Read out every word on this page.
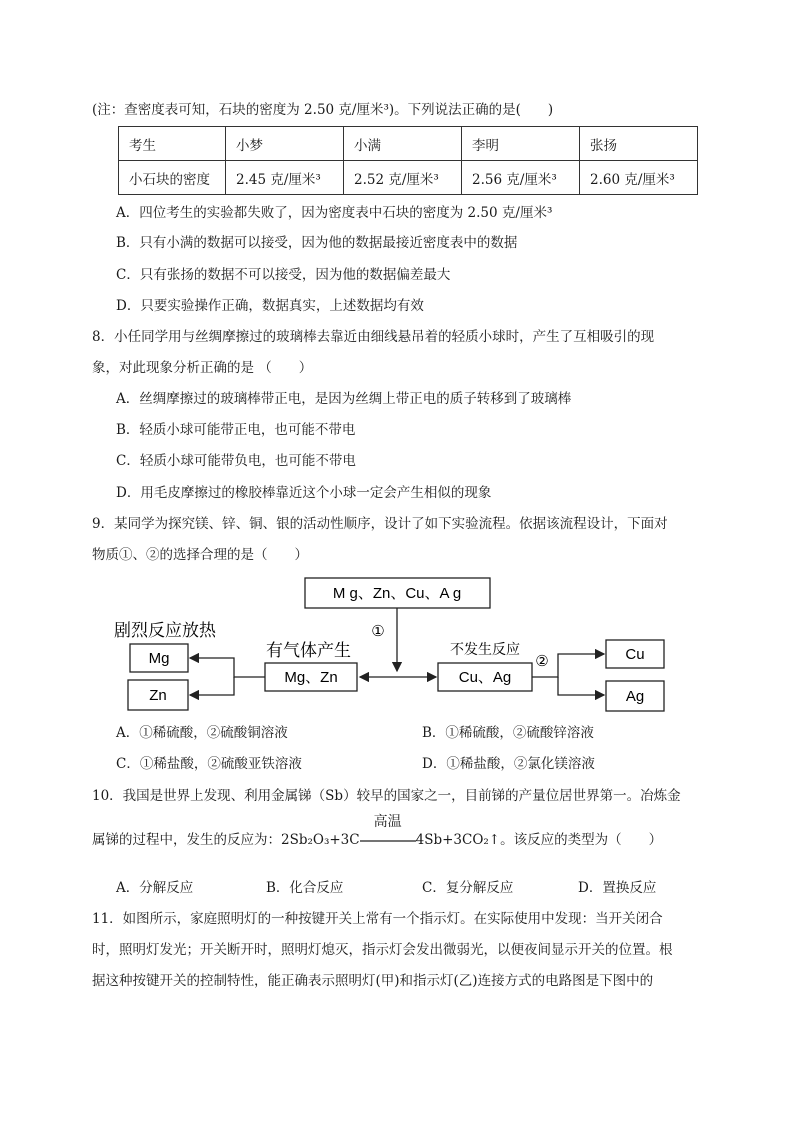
(注：查密度表可知，石块的密度为 2.50 克/厘米³)。下列说法正确的是(　　)
考生	小梦	小满	李明	张扬
小石块的密度	2.45 克/厘米³	2.52 克/厘米³	2.56 克/厘米³	2.60 克/厘米³
A．四位考生的实验都失败了，因为密度表中石块的密度为 2.50 克/厘米³
B．只有小满的数据可以接受，因为他的数据最接近密度表中的数据
C．只有张扬的数据不可以接受，因为他的数据偏差最大
D．只要实验操作正确，数据真实，上述数据均有效
8．小任同学用与丝绸摩擦过的玻璃棒去靠近由细线悬吊着的轻质小球时，产生了互相吸引的现
象，对此现象分析正确的是 （　　）
A．丝绸摩擦过的玻璃棒带正电，是因为丝绸上带正电的质子转移到了玻璃棒
B．轻质小球可能带正电，也可能不带电
C．轻质小球可能带负电，也可能不带电
D．用毛皮摩擦过的橡胶棒靠近这个小球一定会产生相似的现象
9．某同学为探究镁、锌、铜、银的活动性顺序，设计了如下实验流程。依据该流程设计，下面对
物质①、②的选择合理的是（　　）
M g、Zn、Cu、A g
①
剧烈反应放热
有气体产生	不发生反应
Mg
Zn
Mg、Zn	Cu、Ag
②	Cu
Ag
A．①稀硫酸，②硫酸铜溶液	B．①稀硫酸，②硫酸锌溶液
C．①稀盐酸，②硫酸亚铁溶液	D．①稀盐酸，②氯化镁溶液
10．我国是世界上发现、利用金属锑（Sb）较早的国家之一，目前锑的产量位居世界第一。冶炼金
属锑的过程中，发生的反应为：2Sb₂O₃+3C
高温
4Sb+3CO₂↑。该反应的类型为（　　）
A．分解反应	B．化合反应	C．复分解反应	D．置换反应
11．如图所示，家庭照明灯的一种按键开关上常有一个指示灯。在实际使用中发现：当开关闭合
时，照明灯发光；开关断开时，照明灯熄灭，指示灯会发出微弱光，以便夜间显示开关的位置。根
据这种按键开关的控制特性，能正确表示照明灯(甲)和指示灯(乙)连接方式的电路图是下图中的
